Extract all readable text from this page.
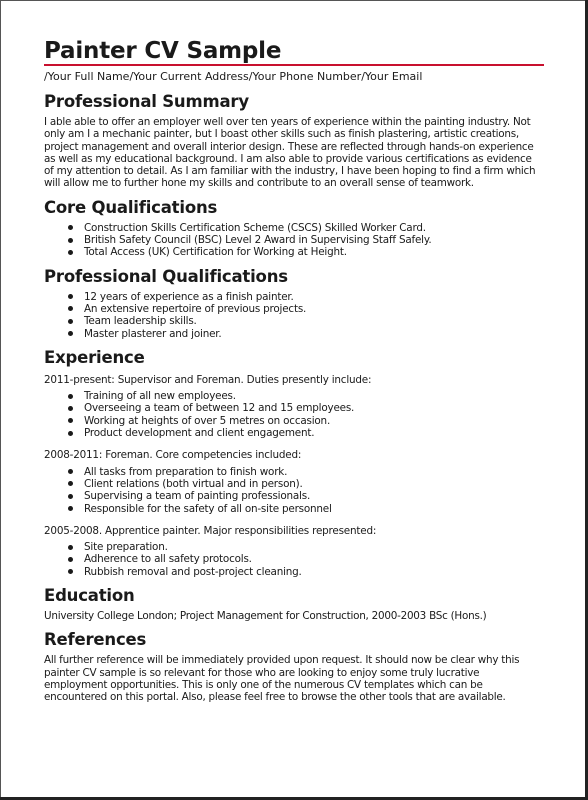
Painter CV Sample
/Your Full Name/Your Current Address/Your Phone Number/Your Email
Professional Summary

I able able to offer an employer well over ten years of experience within the painting industry. Not only am I a mechanic painter, but I boast other skills such as finish plastering, artistic creations, project management and overall interior design. These are reflected through hands-on experience as well as my educational background. I am also able to provide various certifications as evidence of my attention to detail. As I am familiar with the industry, I have been hoping to find a firm which will allow me to further hone my skills and contribute to an overall sense of teamwork.

Core Qualifications
Construction Skills Certification Scheme (CSCS) Skilled Worker Card.
British Safety Council (BSC) Level 2 Award in Supervising Staff Safely.
Total Access (UK) Certification for Working at Height.
Professional Qualifications
12 years of experience as a finish painter.
An extensive repertoire of previous projects.
Team leadership skills.
Master plasterer and joiner.
Experience
2011-present: Supervisor and Foreman. Duties presently include:
Training of all new employees.
Overseeing a team of between 12 and 15 employees.
Working at heights of over 5 metres on occasion.
Product development and client engagement.
2008-2011: Foreman. Core competencies included:
All tasks from preparation to finish work.
Client relations (both virtual and in person).
Supervising a team of painting professionals.
Responsible for the safety of all on-site personnel
2005-2008. Apprentice painter. Major responsibilities represented:
Site preparation.
Adherence to all safety protocols.
Rubbish removal and post-project cleaning.
Education

University College London; Project Management for Construction, 2000-2003 BSc (Hons.)

References

All further reference will be immediately provided upon request. It should now be clear why this painter CV sample is so relevant for those who are looking to enjoy some truly lucrative employment opportunities. This is only one of the numerous CV templates which can be encountered on this portal. Also, please feel free to browse the other tools that are available.
